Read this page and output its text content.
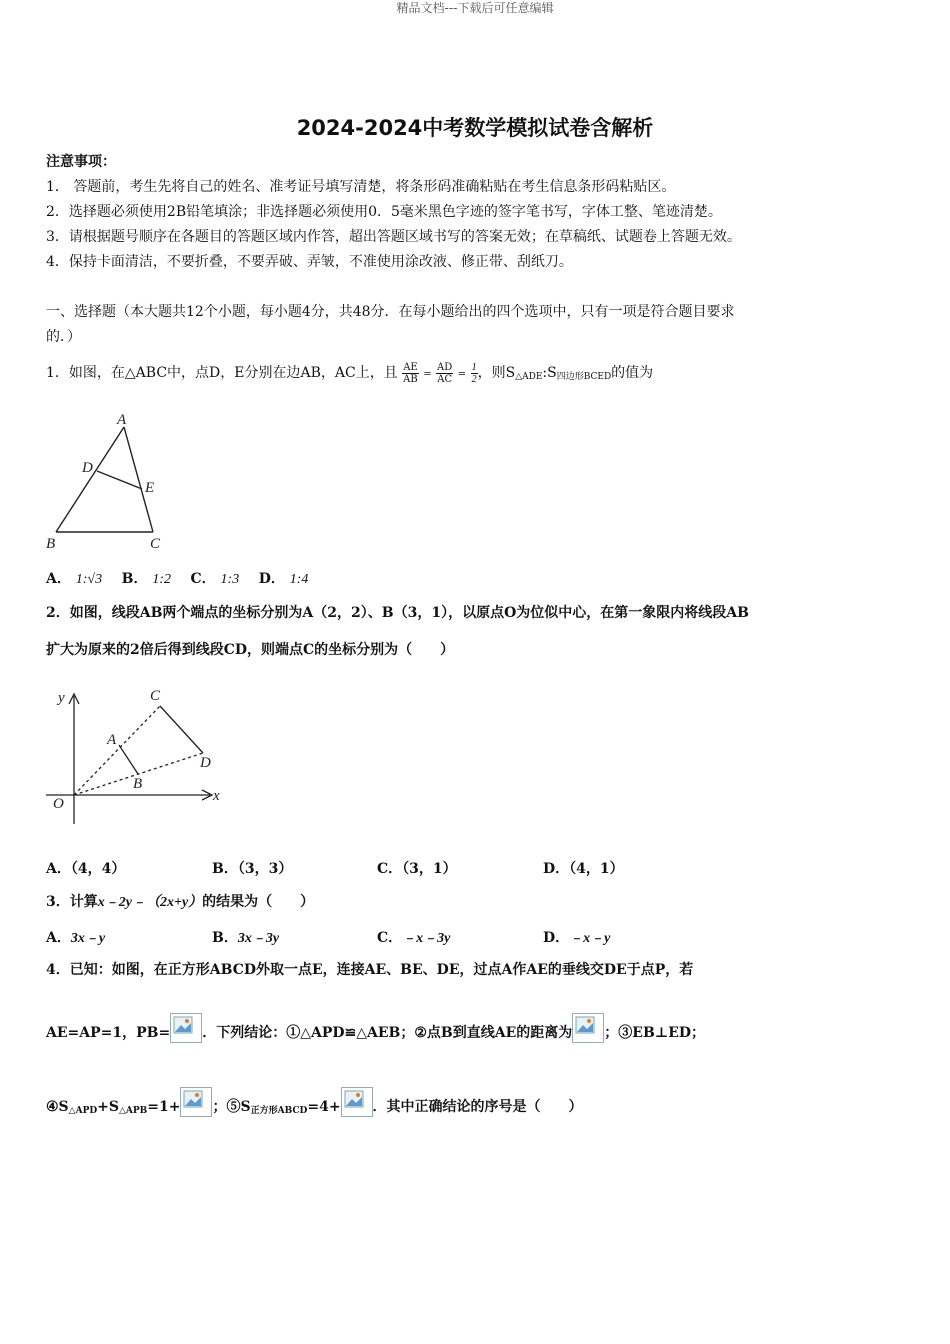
精品文档---下载后可任意编辑
2024-2024中考数学模拟试卷含解析
注意事项：
1． 答题前，考生先将自己的姓名、准考证号填写清楚，将条形码准确粘贴在考生信息条形码粘贴区。
2．选择题必须使用2B铅笔填涂；非选择题必须使用0．5毫米黑色字迹的签字笔书写，字体工整、笔迹清楚。
3．请根据题号顺序在各题目的答题区域内作答，超出答题区域书写的答案无效；在草稿纸、试题卷上答题无效。
4．保持卡面清洁，不要折叠，不要弄破、弄皱，不准使用涂改液、修正带、刮纸刀。
一、选择题（本大题共12个小题，每小题4分，共48分．在每小题给出的四个选项中，只有一项是符合题目要求
的．）
1．如图，在△ABC中，点D，E分别在边AB，AC上，且 $\frac{AE}{AB} = \frac{AD}{AC} = \frac{1}{2}$ ，则$S_{\triangle ADE}:S_{四边形BCED}$的值为
A
D
E
B	C
A． 1:√3 B． 1:2 C． 1:3 D． 1:4
2．如图，线段AB两个端点的坐标分别为A（2，2）、B（3，1），以原点O为位似中心，在第一象限内将线段AB
扩大为原来的2倍后得到线段CD，则端点C的坐标分别为（　　）
y
x
O
A
B
C
D
A．（4，4）	B．（3，3）	C．（3，1）	D．（4，1）
3．计算x﹣2y﹣（2x+y）的结果为（　　）
A．3x﹣y	B．3x﹣3y	C．﹣x﹣3y	D．﹣x﹣y
4．已知：如图，在正方形ABCD外取一点E，连接AE、BE、DE，过点A作AE的垂线交DE于点P，若
AE=AP=1，PB= ．下列结论：①△APD≌△AEB；②点B到直线AE的距离为 ；③EB⊥ED；
$④S_{\triangle APD}+S_{\triangle APB}=1+$ ；$⑤S_{正方形ABCD}=4+$ ．其中正确结论的序号是（　　）
